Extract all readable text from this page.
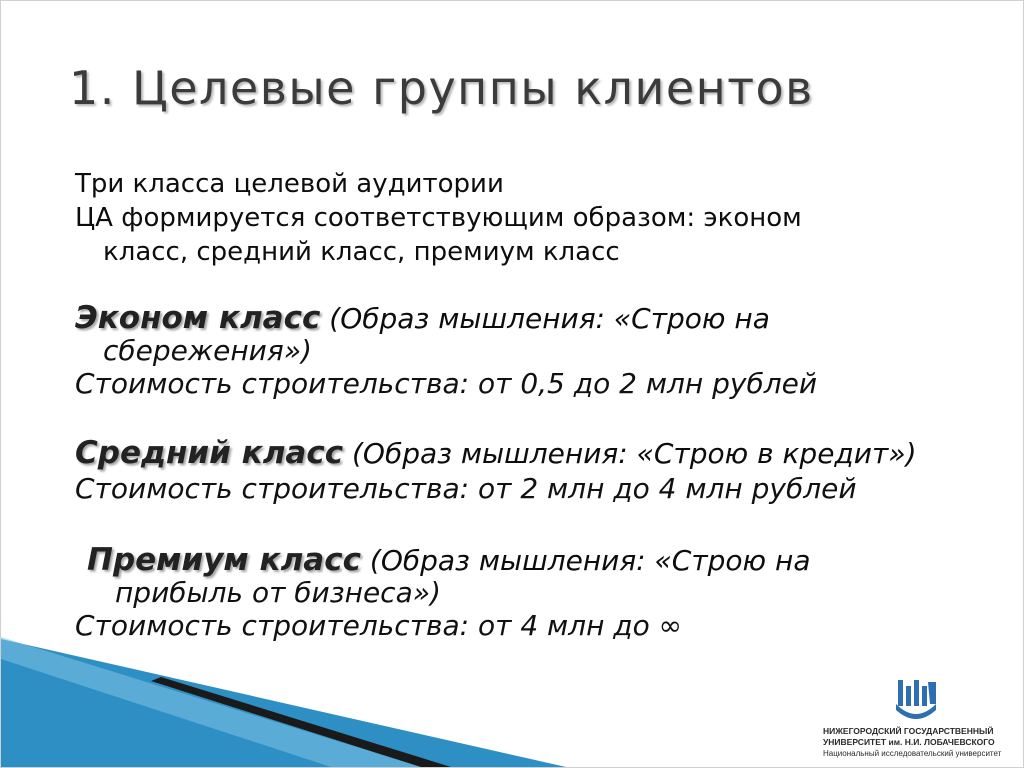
1. Целевые группы клиентов
Три класса целевой аудитории
ЦА формируется соответствующим образом: эконом
класс, средний класс, премиум класс
Эконом класс (Образ мышления: «Строю на
сбережения»)
Стоимость строительства: от 0,5 до 2 млн рублей
Средний класс (Образ мышления: «Строю в кредит»)
Стоимость строительства: от 2 млн до 4 млн рублей
Премиум класс (Образ мышления: «Строю на
прибыль от бизнеса»)
Стоимость строительства: от 4 млн до ∞
НИЖЕГОРОДСКИЙ ГОСУДАРСТВЕННЫЙ
УНИВЕРСИТЕТ им. Н.И. ЛОБАЧЕВСКОГО
Национальный исследовательский университет
